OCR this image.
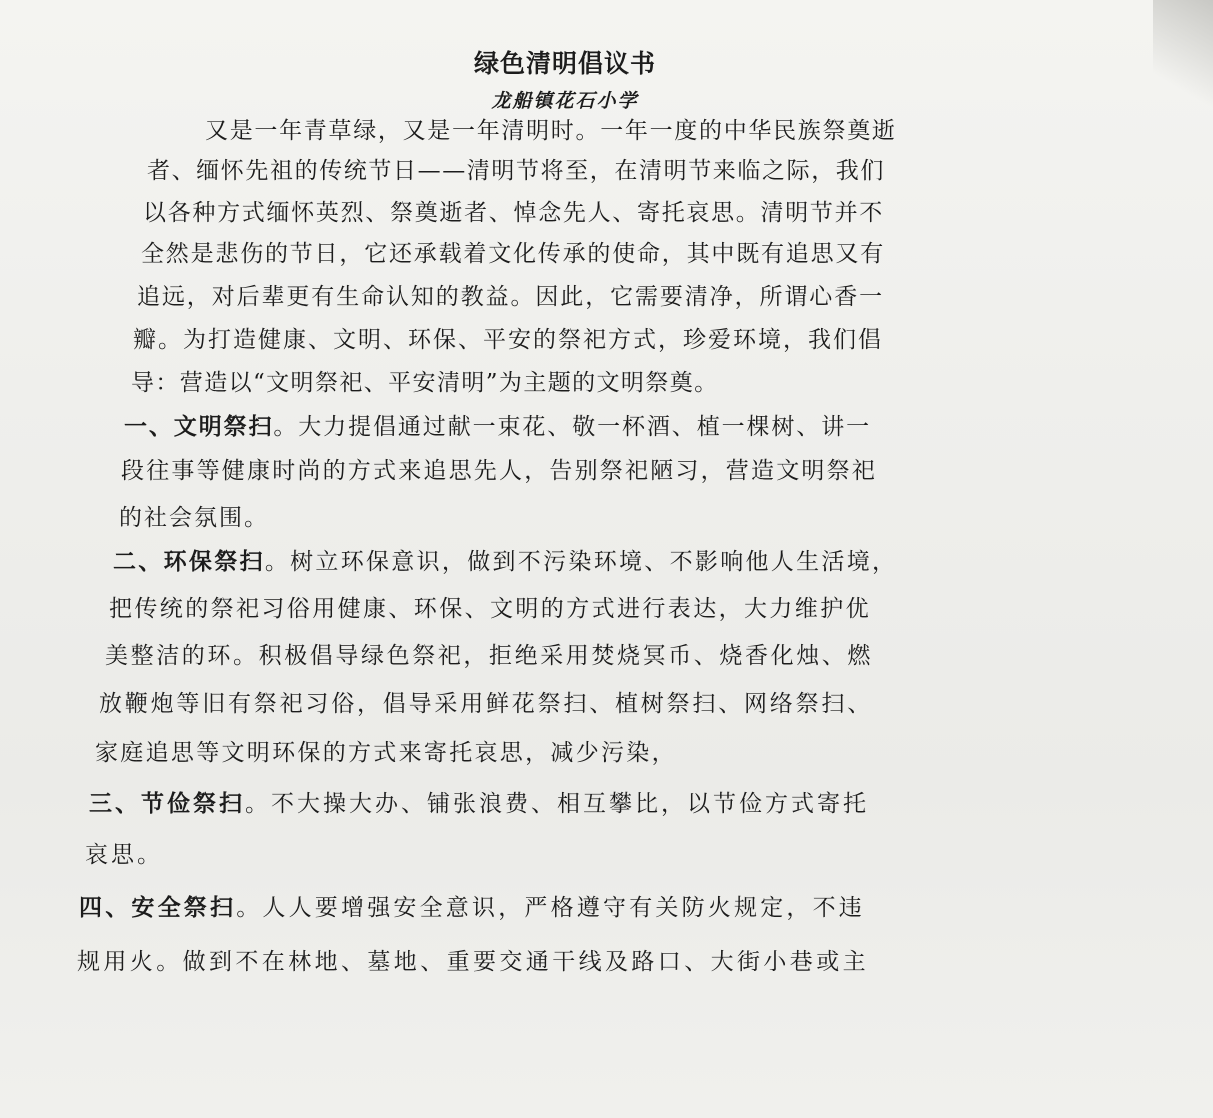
绿色清明倡议书
龙船镇花石小学
又是一年青草绿，又是一年清明时。一年一度的中华民族祭奠逝
者、缅怀先祖的传统节日——清明节将至，在清明节来临之际，我们
以各种方式缅怀英烈、祭奠逝者、悼念先人、寄托哀思。清明节并不
全然是悲伤的节日，它还承载着文化传承的使命，其中既有追思又有
追远，对后辈更有生命认知的教益。因此，它需要清净，所谓心香一
瓣。为打造健康、文明、环保、平安的祭祀方式，珍爱环境，我们倡
导：营造以“文明祭祀、平安清明”为主题的文明祭奠。
一、文明祭扫。大力提倡通过献一束花、敬一杯酒、植一棵树、讲一
段往事等健康时尚的方式来追思先人，告别祭祀陋习，营造文明祭祀
的社会氛围。
二、环保祭扫。树立环保意识，做到不污染环境、不影响他人生活境，
把传统的祭祀习俗用健康、环保、文明的方式进行表达，大力维护优
美整洁的环。积极倡导绿色祭祀，拒绝采用焚烧冥币、烧香化烛、燃
放鞭炮等旧有祭祀习俗，倡导采用鲜花祭扫、植树祭扫、网络祭扫、
家庭追思等文明环保的方式来寄托哀思，减少污染，
三、节俭祭扫。不大操大办、铺张浪费、相互攀比，以节俭方式寄托
哀思。
四、安全祭扫。人人要增强安全意识，严格遵守有关防火规定，不违
规用火。做到不在林地、墓地、重要交通干线及路口、大街小巷或主
